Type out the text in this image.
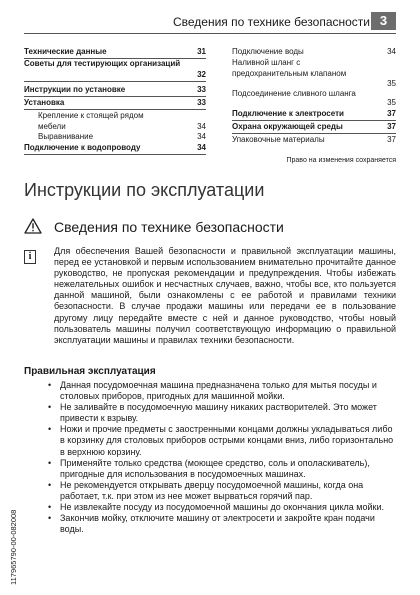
Сведения по технике безопасности 3
Технические данные	31
Советы для тестирующих организаций
32
Инструкции по установке	33
Установка	33
Крепление к стоящей рядом мебели	34
Выравнивание	34
Подключение к водопроводу	34
Подключение воды	34
Наливной шланг с предохранительным клапаном
35
Подсоединение сливного шланга
35
Подключение к электросети	37
Охрана окружающей среды	37
Упаковочные материалы	37
Право на изменения сохраняется
Инструкции по эксплуатации
Сведения по технике безопасности
i	Для обеспечения Вашей безопасности и правильной эксплуатации машины, перед ее установкой и первым использованием внимательно прочитайте данное руководство, не пропуская рекомендации и предупреждения. Чтобы избежать нежелательных ошибок и несчастных случаев, важно, чтобы все, кто пользуется данной машиной, были ознакомлены с ее работой и правилами техники безопасности. В случае продажи машины или передачи ее в пользование другому лицу передайте вместе с ней и данное руководство, чтобы новый пользователь машины получил соответствующую информацию о правильной эксплуатации машины и правилах техники безопасности.
Правильная эксплуатация
• Данная посудомоечная машина предназначена только для мытья посуды и столовых приборов, пригодных для машинной мойки.
• Не заливайте в посудомоечную машину никаких растворителей. Это может привести к взрыву.
• Ножи и прочие предметы с заостренными концами должны укладываться либо в корзинку для столовых приборов острыми концами вниз, либо горизонтально в верхнюю корзину.
• Применяйте только средства (моющее средство, соль и ополаскиватель), пригодные для использования в посудомоечных машинах.
• Не рекомендуется открывать дверцу посудомоечной машины, когда она работает, т.к. при этом из нее может вырваться горячий пар.
• Не извлекайте посуду из посудомоечной машины до окончания цикла мойки.
• Закончив мойку, отключите машину от электросети и закройте кран подачи воды.
117965790-00-082008
